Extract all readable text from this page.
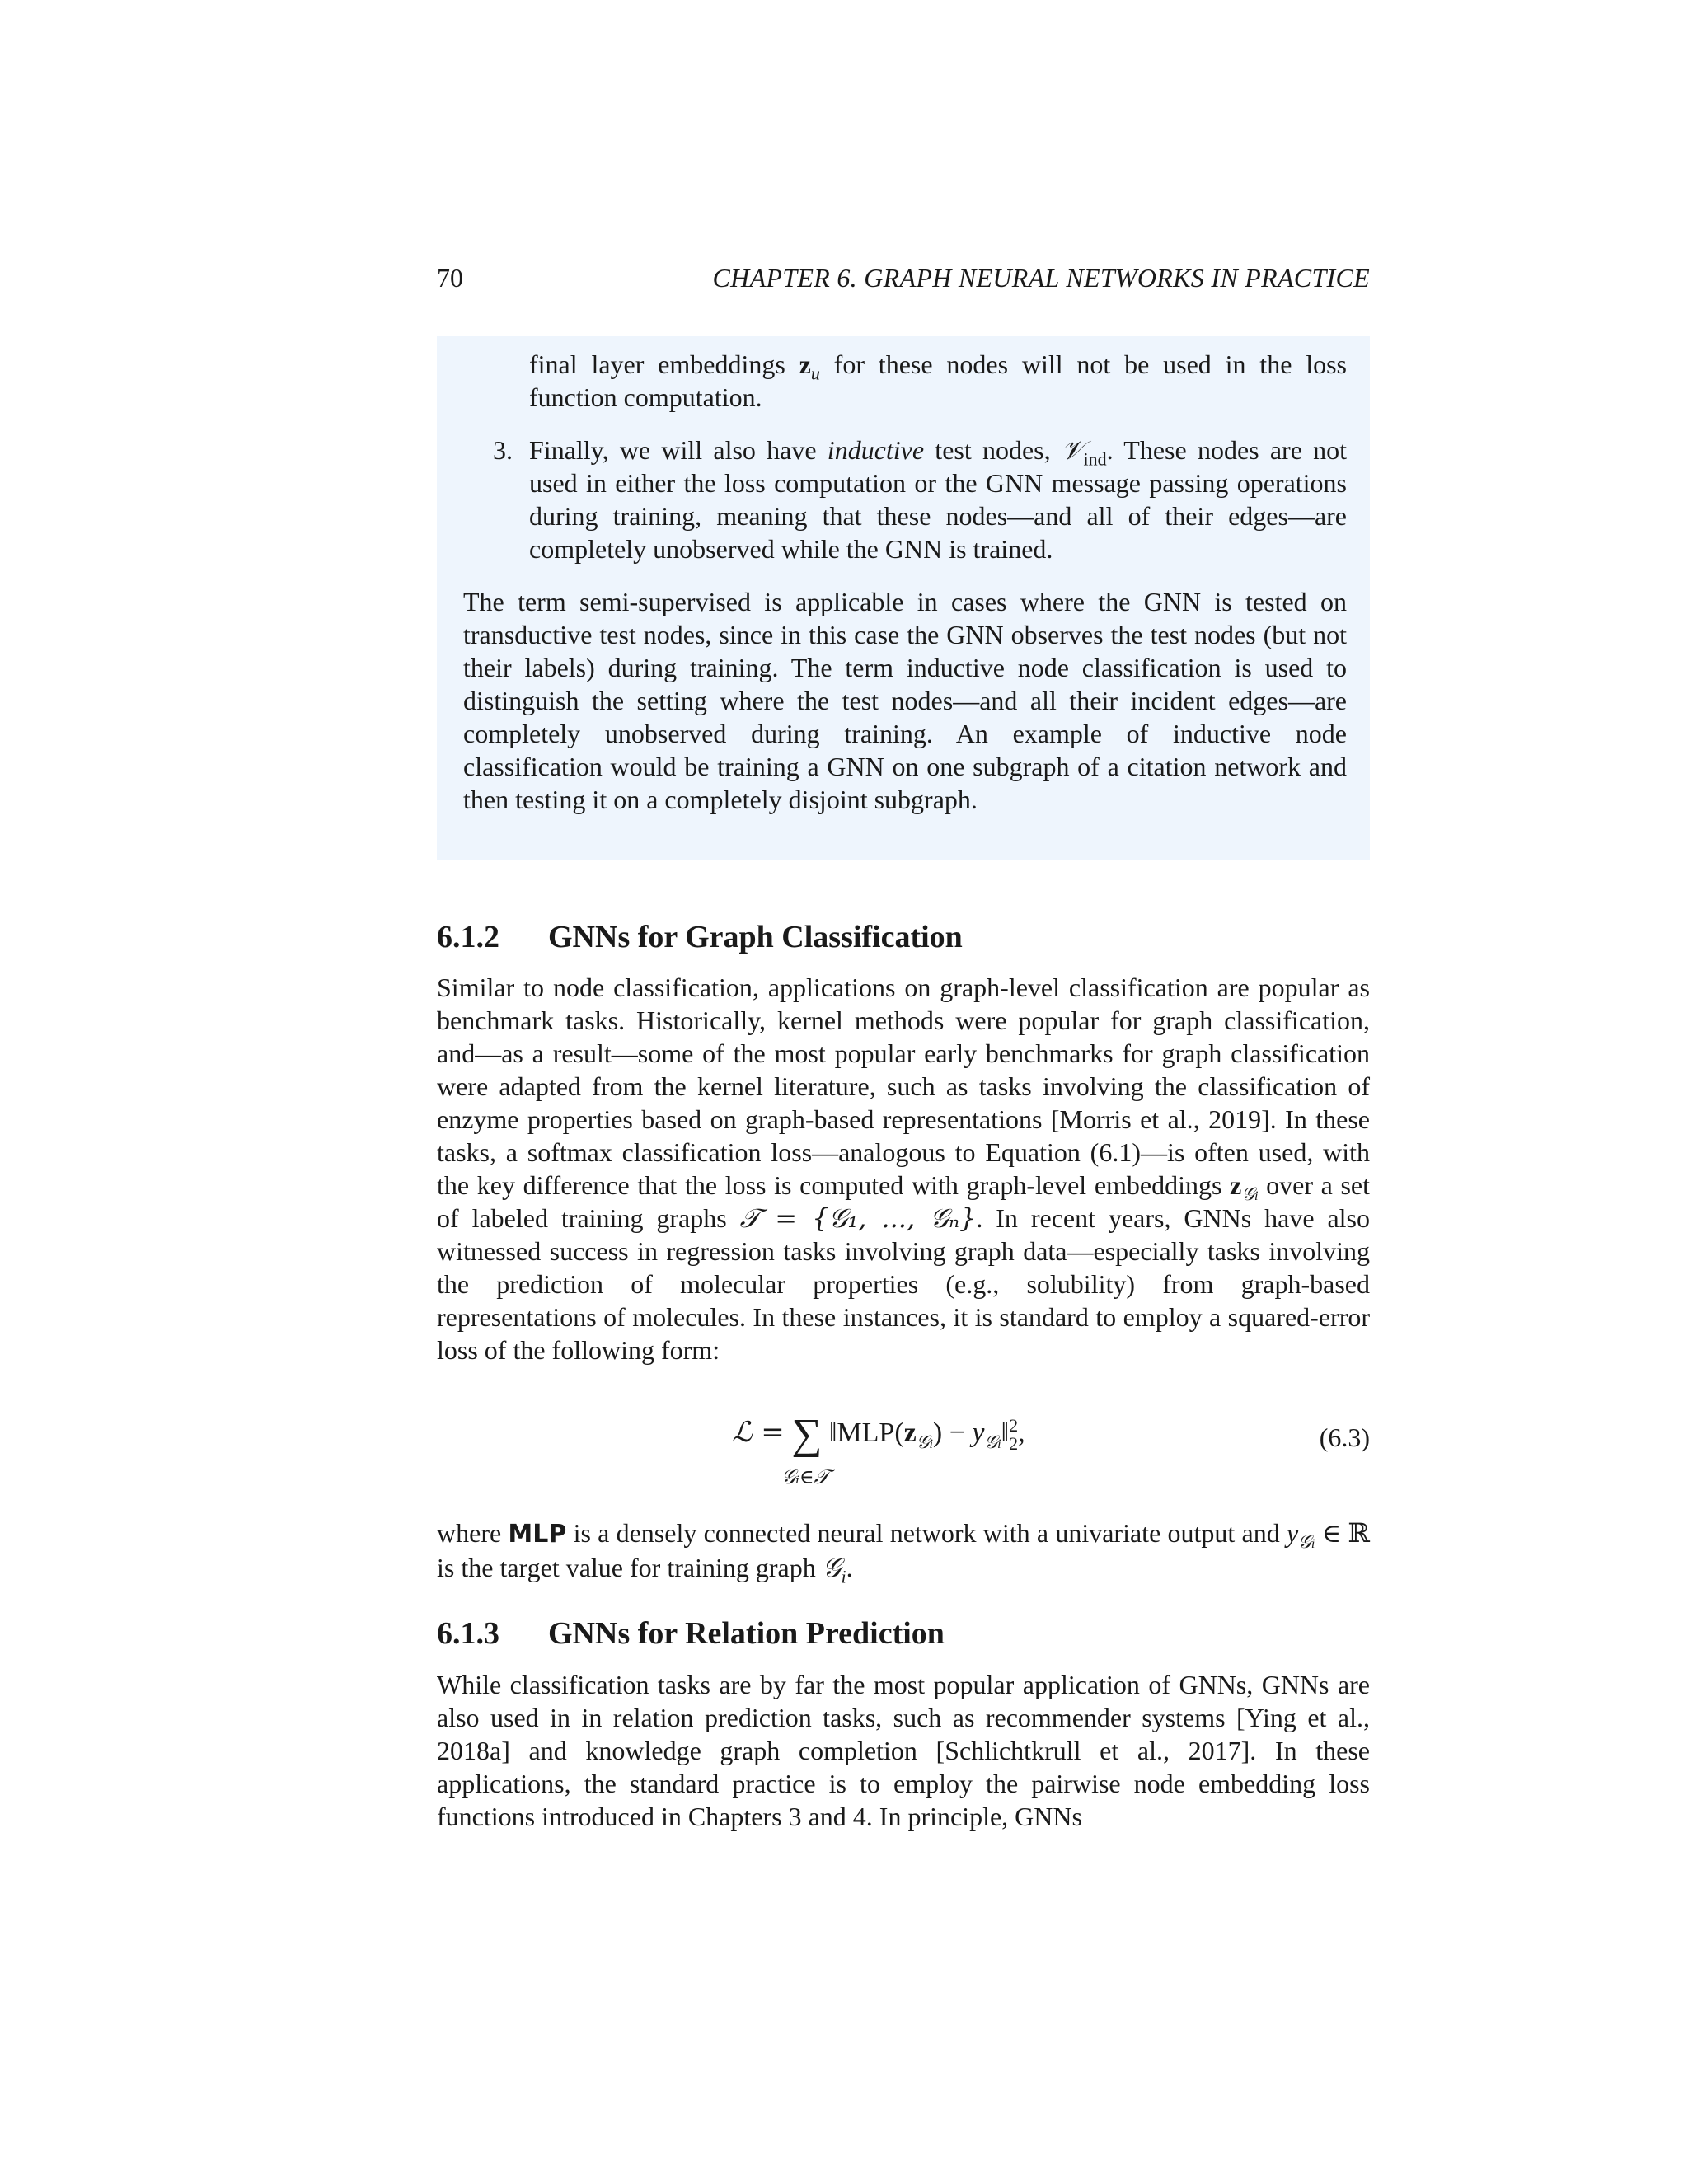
70	CHAPTER 6. GRAPH NEURAL NETWORKS IN PRACTICE
final layer embeddings $z_u$ for these nodes will not be used in the loss function computation.
3. Finally, we will also have inductive test nodes, 𝒱$_{ind}$. These nodes are not used in either the loss computation or the GNN message passing operations during training, meaning that these nodes—and all of their edges—are completely unobserved while the GNN is trained.
The term semi-supervised is applicable in cases where the GNN is tested on transductive test nodes, since in this case the GNN observes the test nodes (but not their labels) during training. The term inductive node classification is used to distinguish the setting where the test nodes—and all their incident edges—are completely unobserved during training. An example of inductive node classification would be training a GNN on one subgraph of a citation network and then testing it on a completely disjoint subgraph.
6.1.2 GNNs for Graph Classification
Similar to node classification, applications on graph-level classification are popular as benchmark tasks. Historically, kernel methods were popular for graph classification, and—as a result—some of the most popular early benchmarks for graph classification were adapted from the kernel literature, such as tasks involving the classification of enzyme properties based on graph-based representations [Morris et al., 2019]. In these tasks, a softmax classification loss—analogous to Equation (6.1)—is often used, with the key difference that the loss is computed with graph-level embeddings $z_{𝒢i}$ over a set of labeled training graphs 𝒯 = {𝒢₁, ..., 𝒢ₙ}. In recent years, GNNs have also witnessed success in regression tasks involving graph data—especially tasks involving the prediction of molecular properties (e.g., solubility) from graph-based representations of molecules. In these instances, it is standard to employ a squared-error loss of the following form:
ℒ = ∑ $‖MLP(z_{𝒢i})$ − $y_{𝒢i}‖$ 2
2 ,
𝒢ᵢ∈𝒯
(6.3)
where MLP is a densely connected neural network with a univariate output and $y_{𝒢i}$ ∈ ℝ is the target value for training graph 𝒢$_i$.
6.1.3 GNNs for Relation Prediction
While classification tasks are by far the most popular application of GNNs, GNNs are also used in in relation prediction tasks, such as recommender systems [Ying et al., 2018a] and knowledge graph completion [Schlichtkrull et al., 2017]. In these applications, the standard practice is to employ the pairwise node embedding loss functions introduced in Chapters 3 and 4. In principle, GNNs
